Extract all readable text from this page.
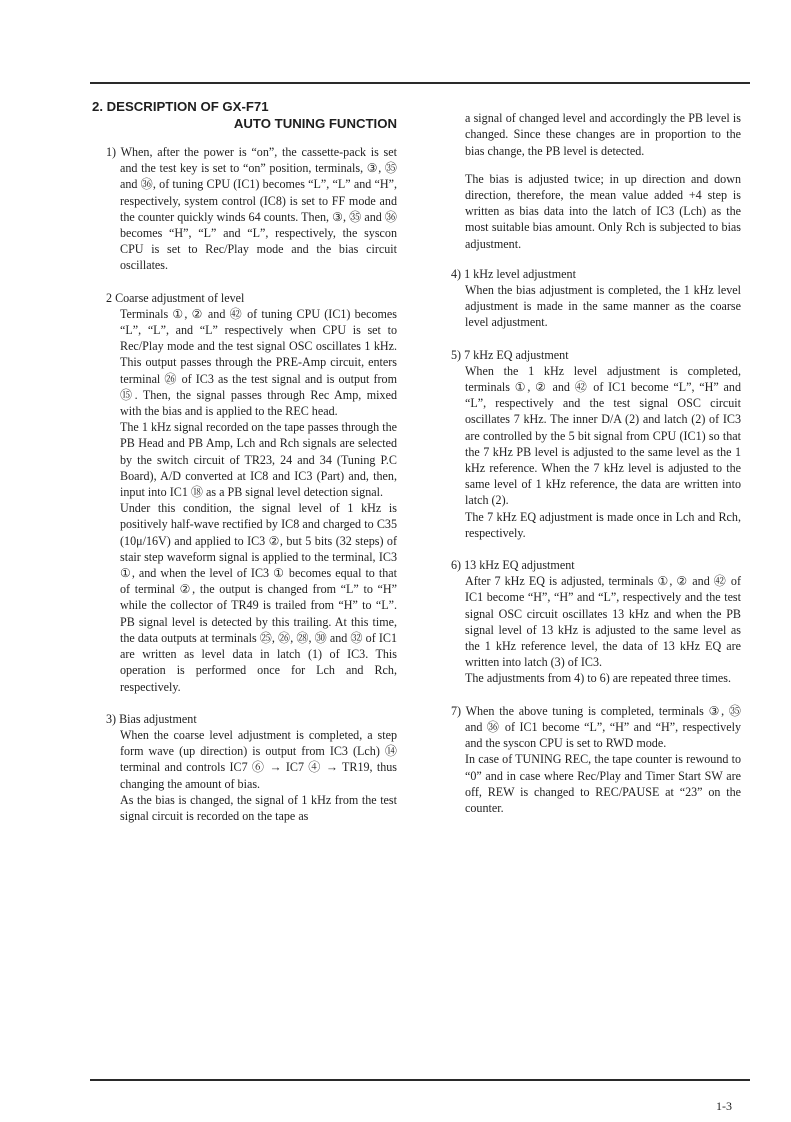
2. DESCRIPTION OF GX-F71
AUTO TUNING FUNCTION

1) When, after the power is “on”, the cassette-pack is set and the test key is set to “on” position, terminals, ③, ㉟ and ㊱, of tuning CPU (IC1) becomes “L”, “L” and “H”, respectively, system control (IC8) is set to FF mode and the counter quickly winds 64 counts. Then, ③, ㉟ and ㊱ becomes “H”, “L” and “L”, respectively, the syscon CPU is set to Rec/Play mode and the bias circuit oscillates.

2 Coarse adjustment of level

Terminals ①, ② and ㊷ of tuning CPU (IC1) becomes “L”, “L”, and “L” respectively when CPU is set to Rec/Play mode and the test signal OSC oscillates 1 kHz. This output passes through the PRE-Amp circuit, enters terminal ㉖ of IC3 as the test signal and is output from ⑮. Then, the signal passes through Rec Amp, mixed with the bias and is applied to the REC head.

The 1 kHz signal recorded on the tape passes through the PB Head and PB Amp, Lch and Rch signals are selected by the switch circuit of TR23, 24 and 34 (Tuning P.C Board), A/D converted at IC8 and IC3 (Part) and, then, input into IC1 ⑱ as a PB signal level detection signal.

Under this condition, the signal level of 1 kHz is positively half-wave rectified by IC8 and charged to C35 (10μ/16V) and applied to IC3 ②, but 5 bits (32 steps) of stair step waveform signal is applied to the terminal, IC3 ①, and when the level of IC3 ① becomes equal to that of terminal ②, the output is changed from “L” to “H” while the collector of TR49 is trailed from “H” to “L”. PB signal level is detected by this trailing. At this time, the data outputs at terminals ㉕, ㉖, ㉘, ㉚ and ㉜ of IC1 are written as level data in latch (1) of IC3. This operation is performed once for Lch and Rch, respectively.

3) Bias adjustment

When the coarse level adjustment is completed, a step form wave (up direction) is output from IC3 (Lch) ⑭ terminal and controls IC7 ⑥ → IC7 ④ → TR19, thus changing the amount of bias.

As the bias is changed, the signal of 1 kHz from the test signal circuit is recorded on the tape as

a signal of changed level and accordingly the PB level is changed. Since these changes are in proportion to the bias change, the PB level is detected.

The bias is adjusted twice; in up direction and down direction, therefore, the mean value added +4 step is written as bias data into the latch of IC3 (Lch) as the most suitable bias amount. Only Rch is subjected to bias adjustment.

4) 1 kHz level adjustment

When the bias adjustment is completed, the 1 kHz level adjustment is made in the same manner as the coarse level adjustment.

5) 7 kHz EQ adjustment

When the 1 kHz level adjustment is completed, terminals ①, ② and ㊷ of IC1 become “L”, “H” and “L”, respectively and the test signal OSC circuit oscillates 7 kHz. The inner D/A (2) and latch (2) of IC3 are controlled by the 5 bit signal from CPU (IC1) so that the 7 kHz PB level is adjusted to the same level as the 1 kHz reference. When the 7 kHz level is adjusted to the same level of 1 kHz reference, the data are written into latch (2).

The 7 kHz EQ adjustment is made once in Lch and Rch, respectively.

6) 13 kHz EQ adjustment

After 7 kHz EQ is adjusted, terminals ①, ② and ㊷ of IC1 become “H”, “H” and “L”, respectively and the test signal OSC circuit oscillates 13 kHz and when the PB signal level of 13 kHz is adjusted to the same level as the 1 kHz reference level, the data of 13 kHz EQ are written into latch (3) of IC3.

The adjustments from 4) to 6) are repeated three times.

7) When the above tuning is completed, terminals ③, ㉟ and ㊱ of IC1 become “L”, “H” and “H”, respectively and the syscon CPU is set to RWD mode.

In case of TUNING REC, the tape counter is rewound to “0” and in case where Rec/Play and Timer Start SW are off, REW is changed to REC/PAUSE at “23” on the counter.

1-3
